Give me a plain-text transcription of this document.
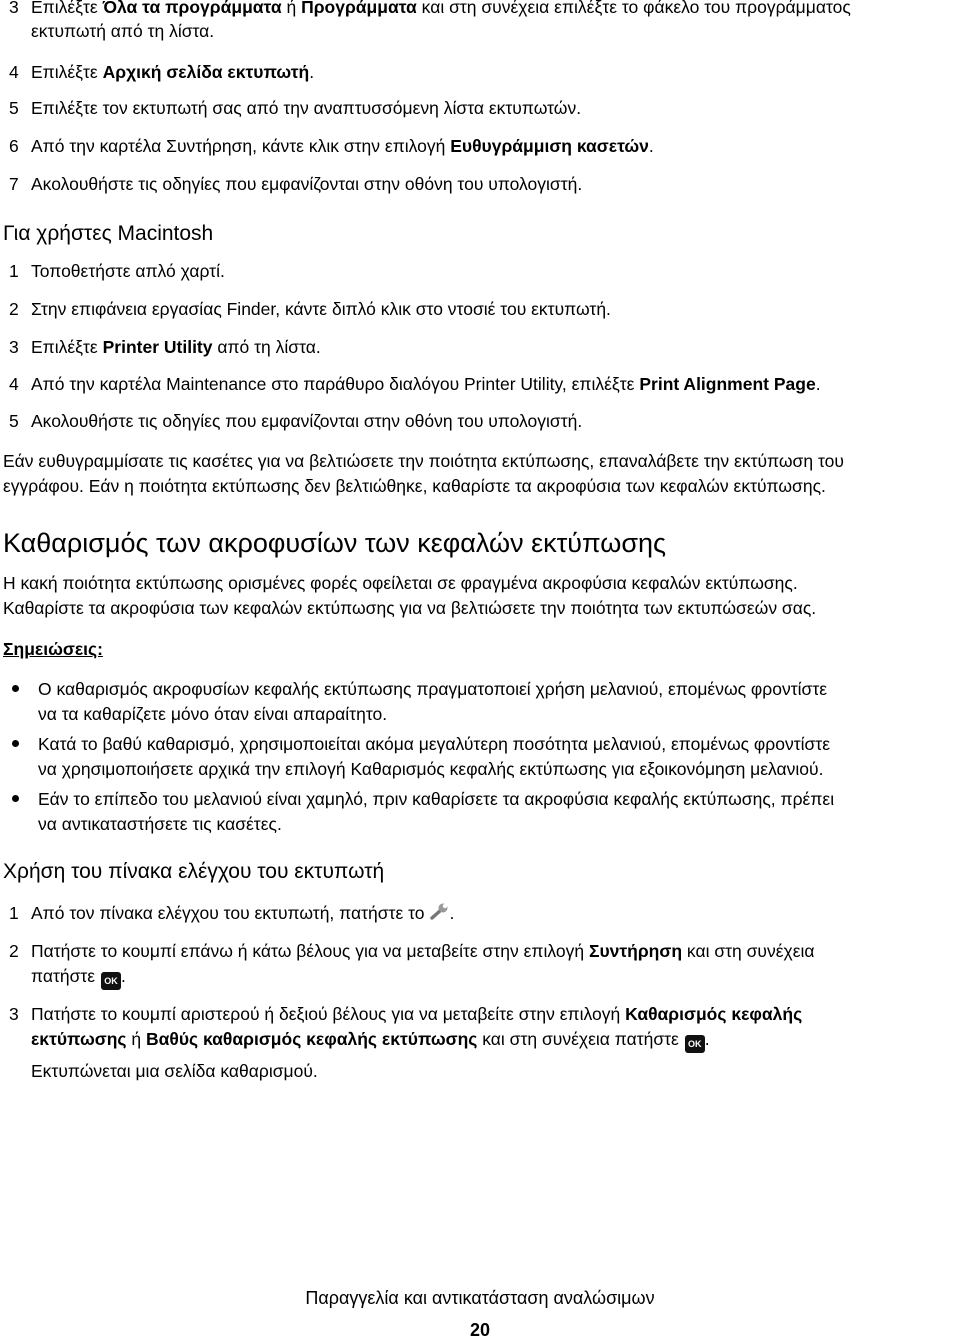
3 Επιλέξτε Όλα τα προγράμματα ή Προγράμματα και στη συνέχεια επιλέξτε το φάκελο του προγράμματος
εκτυπωτή από τη λίστα.
4 Επιλέξτε Αρχική σελίδα εκτυπωτή.
5 Επιλέξτε τον εκτυπωτή σας από την αναπτυσσόμενη λίστα εκτυπωτών.
6 Από την καρτέλα Συντήρηση, κάντε κλικ στην επιλογή Ευθυγράμμιση κασετών.
7 Ακολουθήστε τις οδηγίες που εμφανίζονται στην οθόνη του υπολογιστή.
Για χρήστες Macintosh
1 Τοποθετήστε απλό χαρτί.
2 Στην επιφάνεια εργασίας Finder, κάντε διπλό κλικ στο ντοσιέ του εκτυπωτή.
3 Επιλέξτε Printer Utility από τη λίστα.
4 Από την καρτέλα Maintenance στο παράθυρο διαλόγου Printer Utility, επιλέξτε Print Alignment Page.
5 Ακολουθήστε τις οδηγίες που εμφανίζονται στην οθόνη του υπολογιστή.
Εάν ευθυγραμμίσατε τις κασέτες για να βελτιώσετε την ποιότητα εκτύπωσης, επαναλάβετε την εκτύπωση του
εγγράφου. Εάν η ποιότητα εκτύπωσης δεν βελτιώθηκε, καθαρίστε τα ακροφύσια των κεφαλών εκτύπωσης.
Καθαρισμός των ακροφυσίων των κεφαλών εκτύπωσης
Η κακή ποιότητα εκτύπωσης ορισμένες φορές οφείλεται σε φραγμένα ακροφύσια κεφαλών εκτύπωσης.
Καθαρίστε τα ακροφύσια των κεφαλών εκτύπωσης για να βελτιώσετε την ποιότητα των εκτυπώσεών σας.
Σημειώσεις:
Ο καθαρισμός ακροφυσίων κεφαλής εκτύπωσης πραγματοποιεί χρήση μελανιού, επομένως φροντίστε
να τα καθαρίζετε μόνο όταν είναι απαραίτητο.
Κατά το βαθύ καθαρισμό, χρησιμοποιείται ακόμα μεγαλύτερη ποσότητα μελανιού, επομένως φροντίστε
να χρησιμοποιήσετε αρχικά την επιλογή Καθαρισμός κεφαλής εκτύπωσης για εξοικονόμηση μελανιού.
Εάν το επίπεδο του μελανιού είναι χαμηλό, πριν καθαρίσετε τα ακροφύσια κεφαλής εκτύπωσης, πρέπει
να αντικαταστήσετε τις κασέτες.
Χρήση του πίνακα ελέγχου του εκτυπωτή
1 Από τον πίνακα ελέγχου του εκτυπωτή, πατήστε το .
2 Πατήστε το κουμπί επάνω ή κάτω βέλους για να μεταβείτε στην επιλογή Συντήρηση και στη συνέχεια
πατήστε OK .
3 Πατήστε το κουμπί αριστερού ή δεξιού βέλους για να μεταβείτε στην επιλογή Καθαρισμός κεφαλής
εκτύπωσης ή Βαθύς καθαρισμός κεφαλής εκτύπωσης και στη συνέχεια πατήστε OK .
Εκτυπώνεται μια σελίδα καθαρισμού.
Παραγγελία και αντικατάσταση αναλώσιμων
20
